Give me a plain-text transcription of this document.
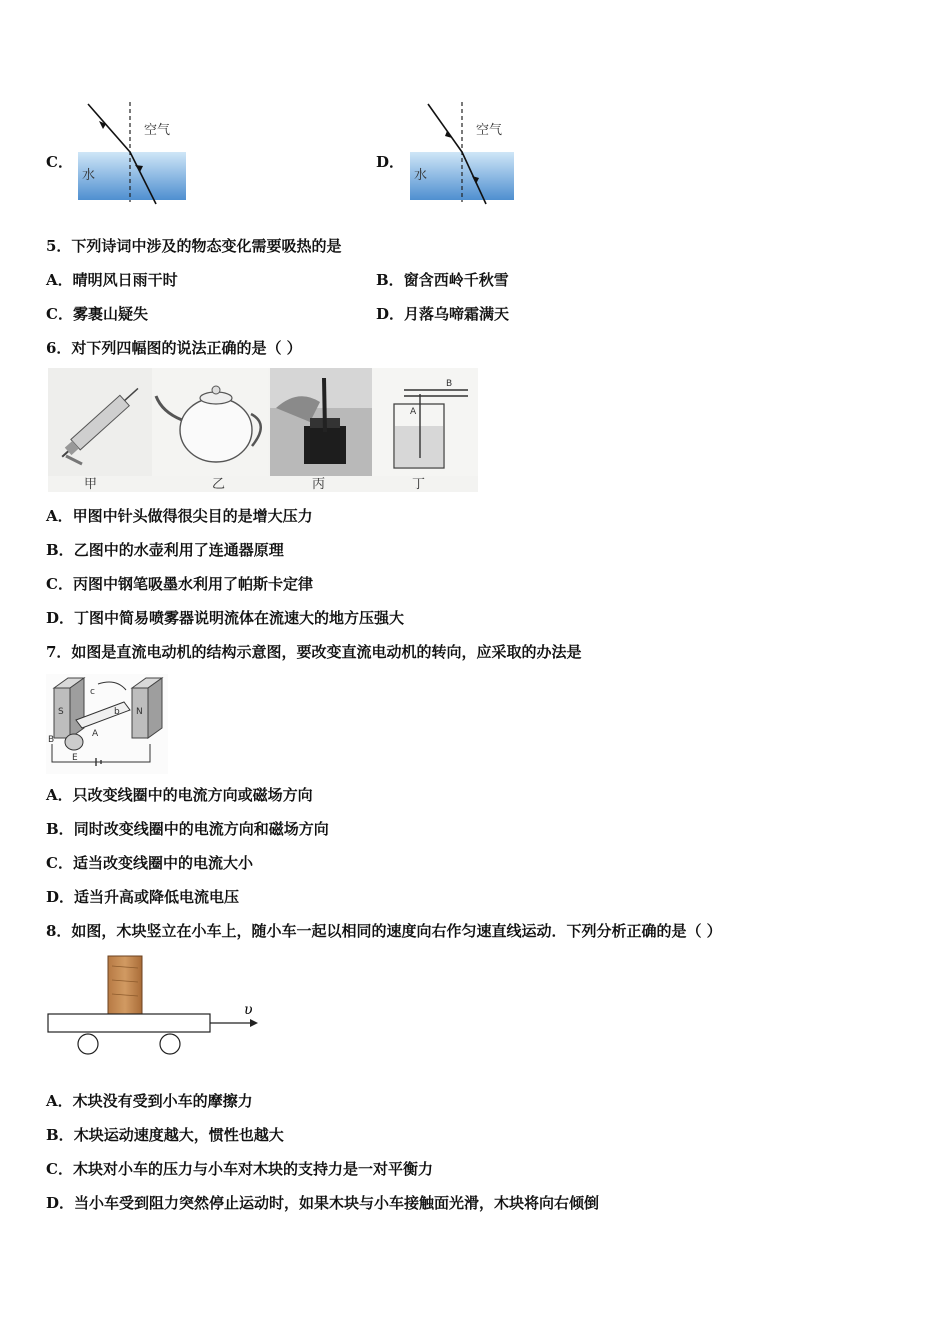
C．
空气
水
D．
空气
水
5．下列诗词中涉及的物态变化需要吸热的是
A．晴明风日雨干时	B．窗含西岭千秋雪
C．雾裹山疑失	D．月落乌啼霜满天
6．对下列四幅图的说法正确的是（ ）
B
A
甲	乙	丙	丁
A．甲图中针头做得很尖目的是增大压力
B．乙图中的水壶利用了连通器原理
C．丙图中钢笔吸墨水利用了帕斯卡定律
D．丁图中简易喷雾器说明流体在流速大的地方压强大
7．如图是直流电动机的结构示意图，要改变直流电动机的转向，应采取的办法是
S	N
c
b
A
B
E
A．只改变线圈中的电流方向或磁场方向
B．同时改变线圈中的电流方向和磁场方向
C．适当改变线圈中的电流大小
D．适当升高或降低电流电压
8．如图，木块竖立在小车上，随小车一起以相同的速度向右作匀速直线运动．下列分析正确的是（ ）
υ
A．木块没有受到小车的摩擦力
B．木块运动速度越大，惯性也越大
C．木块对小车的压力与小车对木块的支持力是一对平衡力
D．当小车受到阻力突然停止运动时，如果木块与小车接触面光滑，木块将向右倾倒
